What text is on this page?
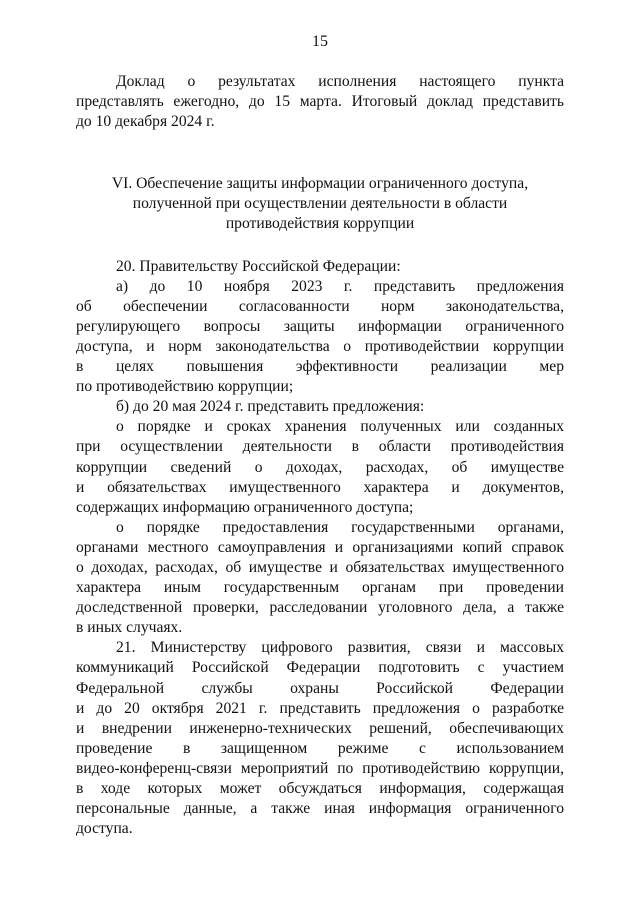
15
Доклад о результатах исполнения настоящего пункта
представлять ежегодно, до 15 марта. Итоговый доклад представить
до 10 декабря 2024 г.
VI. Обеспечение защиты информации ограниченного доступа,
полученной при осуществлении деятельности в области
противодействия коррупции
20. Правительству Российской Федерации:
а) до 10 ноября 2023 г. представить предложения
об обеспечении согласованности норм законодательства,
регулирующего вопросы защиты информации ограниченного
доступа, и норм законодательства о противодействии коррупции
в целях повышения эффективности реализации мер
по противодействию коррупции;
б) до 20 мая 2024 г. представить предложения:
о порядке и сроках хранения полученных или созданных
при осуществлении деятельности в области противодействия
коррупции сведений о доходах, расходах, об имуществе
и обязательствах имущественного характера и документов,
содержащих информацию ограниченного доступа;
о порядке предоставления государственными органами,
органами местного самоуправления и организациями копий справок
о доходах, расходах, об имуществе и обязательствах имущественного
характера иным государственным органам при проведении
доследственной проверки, расследовании уголовного дела, а также
в иных случаях.
21. Министерству цифрового развития, связи и массовых
коммуникаций Российской Федерации подготовить с участием
Федеральной службы охраны Российской Федерации
и до 20 октября 2021 г. представить предложения о разработке
и внедрении инженерно-технических решений, обеспечивающих
проведение в защищенном режиме с использованием
видео-конференц-связи мероприятий по противодействию коррупции,
в ходе которых может обсуждаться информация, содержащая
персональные данные, а также иная информация ограниченного
доступа.
